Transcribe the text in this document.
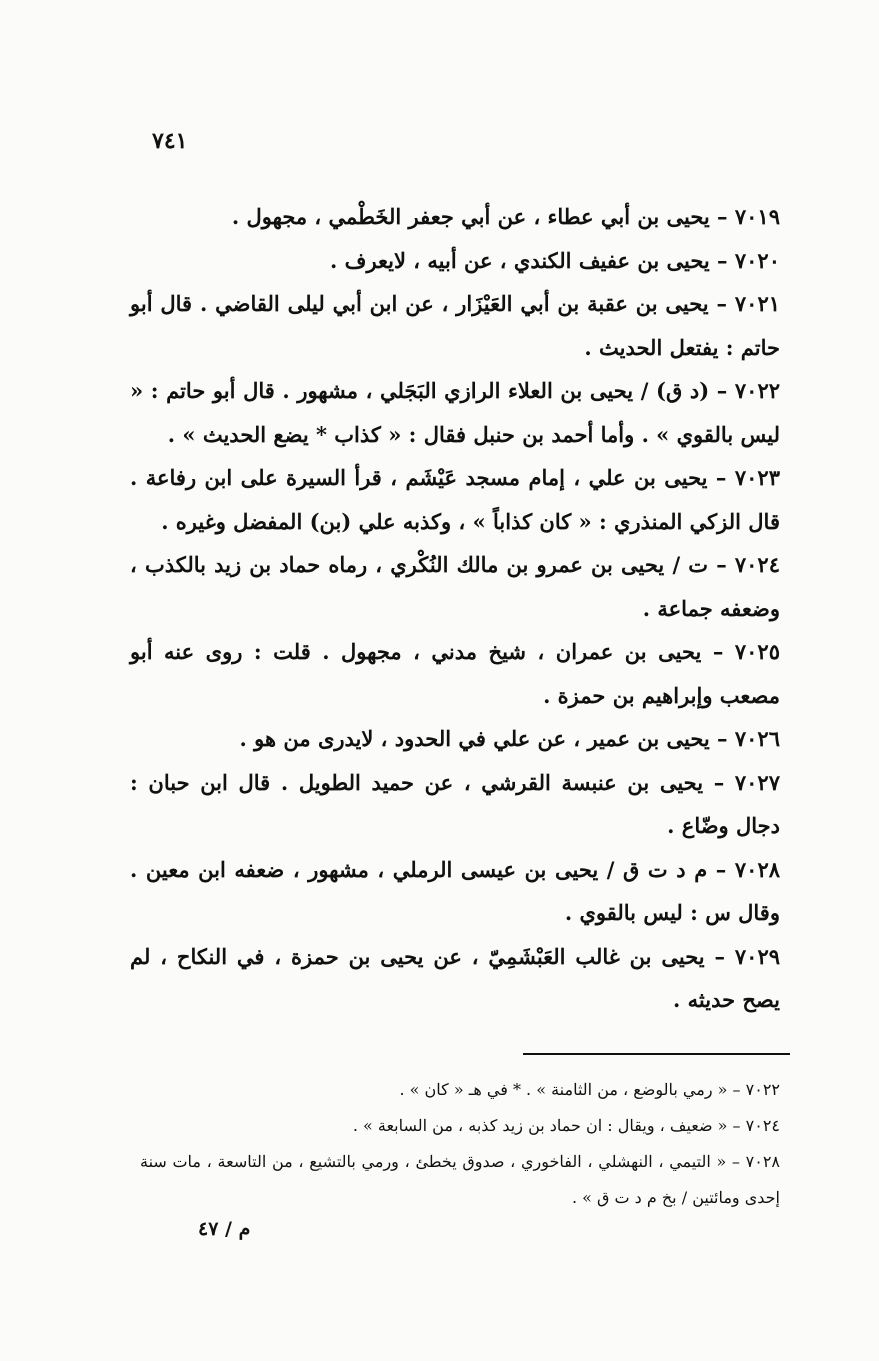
٧٤١

٧٠١٩ – يحيى بن أبي عطاء ، عن أبي جعفر الخَطْمي ، مجهول .

٧٠٢٠ – يحيى بن عفيف الكندي ، عن أبيه ، لايعرف .

٧٠٢١ – يحيى بن عقبة بن أبي العَيْزَار ، عن ابن أبي ليلى القاضي . قال أبو حاتم : يفتعل الحديث .

٧٠٢٢ – (د ق) / يحيى بن العلاء الرازي البَجَلي ، مشهور . قال أبو حاتم : « ليس بالقوي » . وأما أحمد بن حنبل فقال : « كذاب * يضع الحديث » .

٧٠٢٣ – يحيى بن علي ، إمام مسجد عَيْشَم ، قرأ السيرة على ابن رفاعة . قال الزكي المنذري : « كان كذاباً » ، وكذبه علي (بن) المفضل وغيره .

٧٠٢٤ – ت / يحيى بن عمرو بن مالك النُكْري ، رماه حماد بن زيد بالكذب ، وضعفه جماعة .

٧٠٢٥ – يحيى بن عمران ، شيخ مدني ، مجهول . قلت : روى عنه أبو مصعب وإبراهيم بن حمزة .

٧٠٢٦ – يحيى بن عمير ، عن علي في الحدود ، لايدرى من هو .

٧٠٢٧ – يحيى بن عنبسة القرشي ، عن حميد الطويل . قال ابن حبان : دجال وضّاع .

٧٠٢٨ – م د ت ق / يحيى بن عيسى الرملي ، مشهور ، ضعفه ابن معين . وقال س : ليس بالقوي .

٧٠٢٩ – يحيى بن غالب العَبْشَمِيّ ، عن يحيى بن حمزة ، في النكاح ، لم يصح حديثه .

٧٠٢٢ – « رمي بالوضع ، من الثامنة » . * في هـ « كان » .

٧٠٢٤ – « ضعيف ، ويقال : ان حماد بن زيد كذبه ، من السابعة » .

٧٠٢٨ – « التيمي ، النهشلي ، الفاخوري ، صدوق يخطئ ، ورمي بالتشيع ، من التاسعة ، مات سنة إحدى ومائتين / بخ م د ت ق » .

م / ٤٧
